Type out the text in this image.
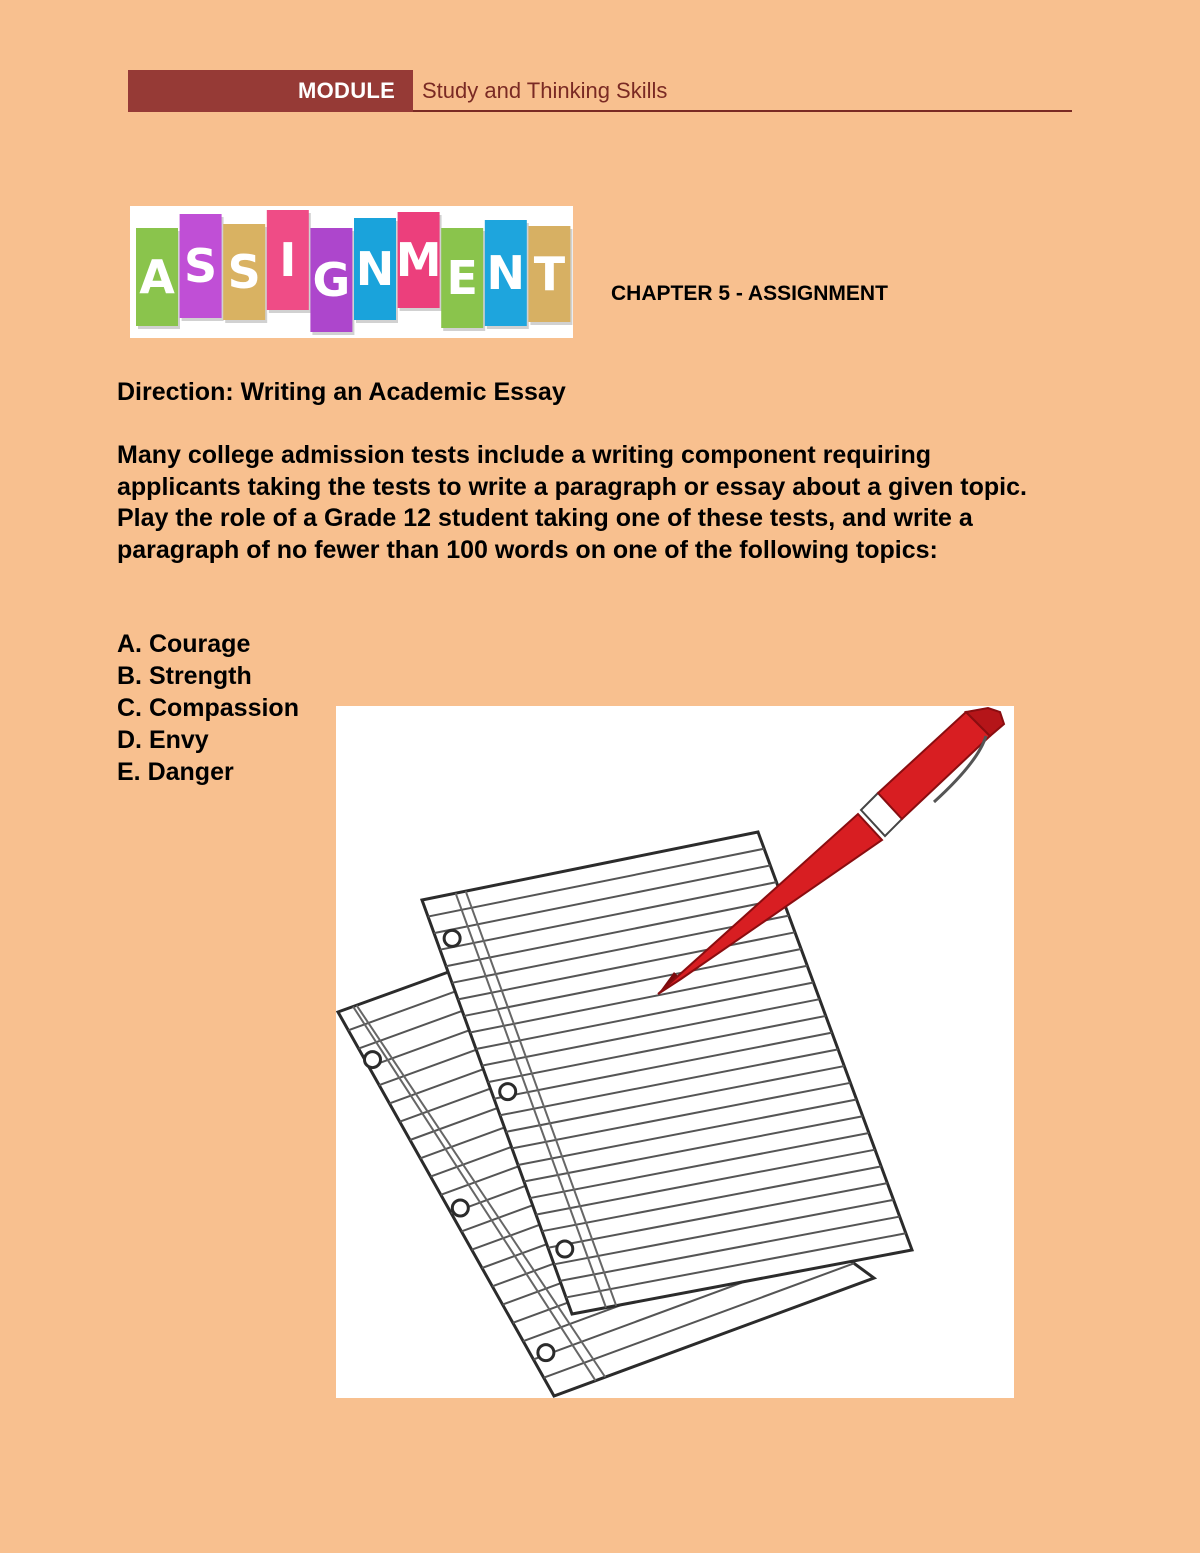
MODULE Study and Thinking Skills
A S S I G N M E N T CHAPTER 5 - ASSIGNMENT
Direction: Writing an Academic Essay

Many college admission tests include a writing component requiring applicants taking the tests to write a paragraph or essay about a given topic. Play the role of a Grade 12 student taking one of these tests, and write a paragraph of no fewer than 100 words on one of the following topics:

A. Courage
B. Strength
C. Compassion
D. Envy
E. Danger
